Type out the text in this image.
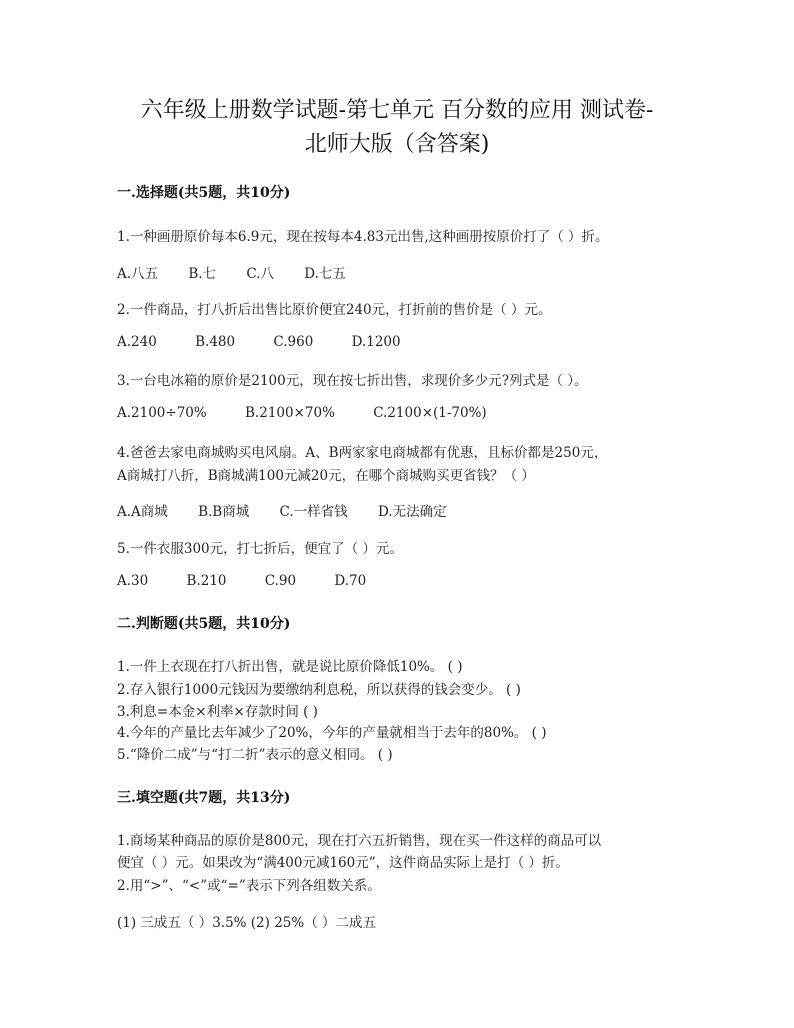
六年级上册数学试题-第七单元 百分数的应用 测试卷-
北师大版（含答案)
一.选择题(共5题，共10分)
1.一种画册原价每本6.9元，现在按每本4.83元出售,这种画册按原价打了（ ）折。
A.八五 B.七 C.八 D.七五
2.一件商品，打八折后出售比原价便宜240元，打折前的售价是（ ）元。
A.240	B.480	C.960	D.1200
3.一台电冰箱的原价是2100元，现在按七折出售，求现价多少元?列式是（ ）。
A.2100÷70%	B.2100×70%	C.2100×(1-70%)
4.爸爸去家电商城购买电风扇。A、B两家家电商城都有优惠，且标价都是250元，
A商城打八折，B商城满100元减20元，在哪个商城购买更省钱？（ ）
A.A商城 B.B商城 C.一样省钱 D.无法确定
5.一件衣服300元，打七折后，便宜了（ ）元。
A.30	B.210	C.90	D.70
二.判断题(共5题，共10分)
1.一件上衣现在打八折出售，就是说比原价降低10%。 ( )
2.存入银行1000元钱因为要缴纳利息税，所以获得的钱会变少。 ( )
3.利息=本金×利率×存款时间 ( )
4.今年的产量比去年减少了20%，今年的产量就相当于去年的80%。 ( )
5.“降价二成”与“打二折”表示的意义相同。 ( )
三.填空题(共7题，共13分)
1.商场某种商品的原价是800元，现在打六五折销售，现在买一件这样的商品可以
便宜（ ）元。如果改为“满400元减160元”，这件商品实际上是打（ ）折。
2.用“>”、“<”或“=”表示下列各组数关系。
(1) 三成五（ ）3.5% (2) 25%（ ）二成五
